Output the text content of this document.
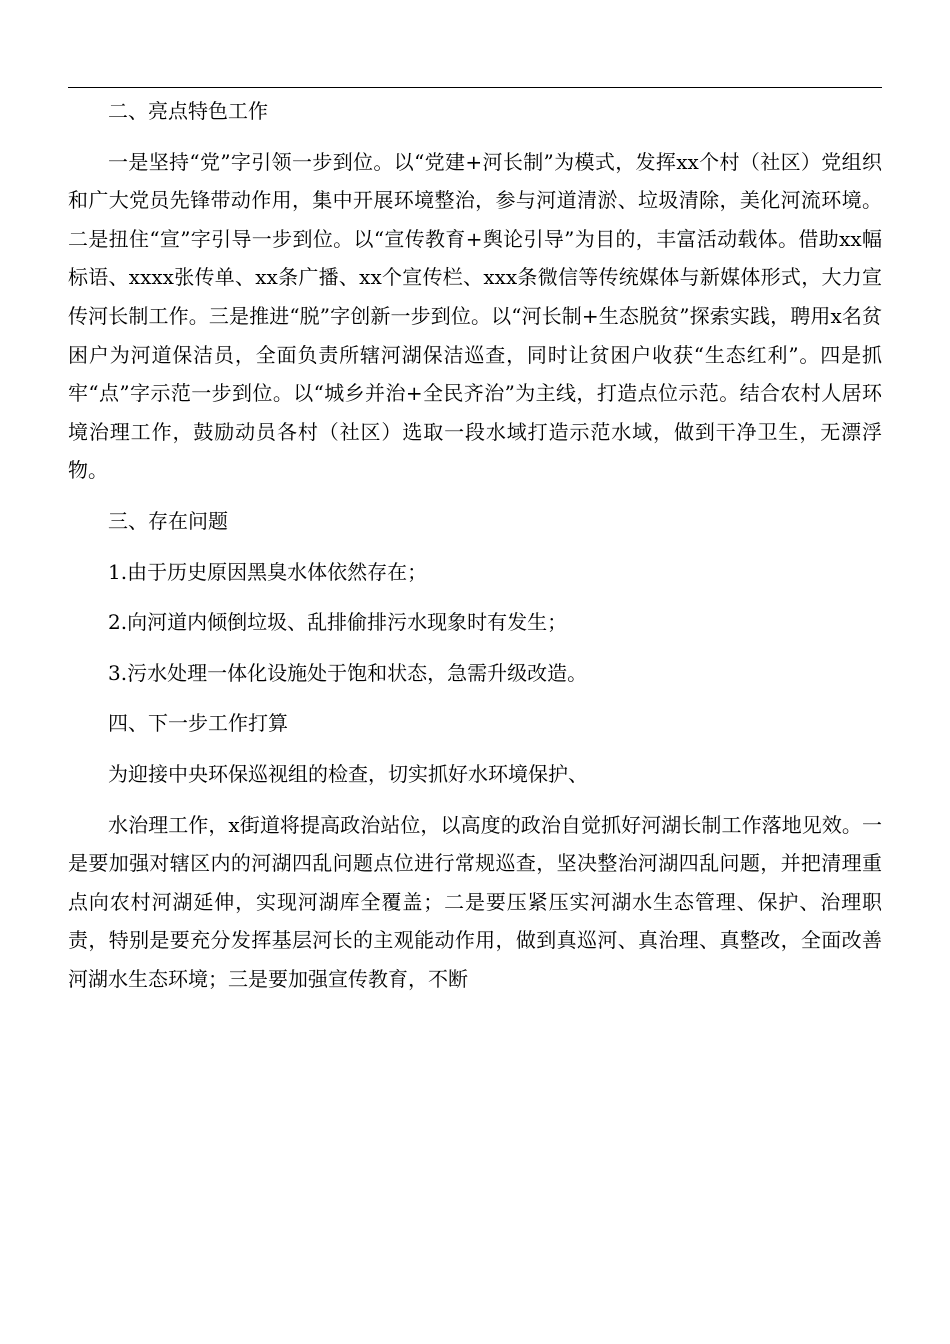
二、亮点特色工作

一是坚持“党”字引领一步到位。以“党建+河长制”为模式，发挥xx个村（社区）党组织和广大党员先锋带动作用，集中开展环境整治，参与河道清淤、垃圾清除，美化河流环境。二是扭住“宣”字引导一步到位。以“宣传教育+舆论引导”为目的，丰富活动载体。借助xx幅标语、xxxx张传单、xx条广播、xx个宣传栏、xxx条微信等传统媒体与新媒体形式，大力宣传河长制工作。三是推进“脱”字创新一步到位。以“河长制+生态脱贫”探索实践，聘用x名贫困户为河道保洁员，全面负责所辖河湖保洁巡查，同时让贫困户收获“生态红利”。四是抓牢“点”字示范一步到位。以“城乡并治+全民齐治”为主线，打造点位示范。结合农村人居环境治理工作，鼓励动员各村（社区）选取一段水域打造示范水域，做到干净卫生，无漂浮物。

三、存在问题

1.由于历史原因黑臭水体依然存在；

2.向河道内倾倒垃圾、乱排偷排污水现象时有发生；

3.污水处理一体化设施处于饱和状态，急需升级改造。

四、下一步工作打算

为迎接中央环保巡视组的检查，切实抓好水环境保护、

水治理工作，x街道将提高政治站位，以高度的政治自觉抓好河湖长制工作落地见效。一是要加强对辖区内的河湖四乱问题点位进行常规巡查，坚决整治河湖四乱问题，并把清理重点向农村河湖延伸，实现河湖库全覆盖；二是要压紧压实河湖水生态管理、保护、治理职责，特别是要充分发挥基层河长的主观能动作用，做到真巡河、真治理、真整改，全面改善河湖水生态环境；三是要加强宣传教育，不断
